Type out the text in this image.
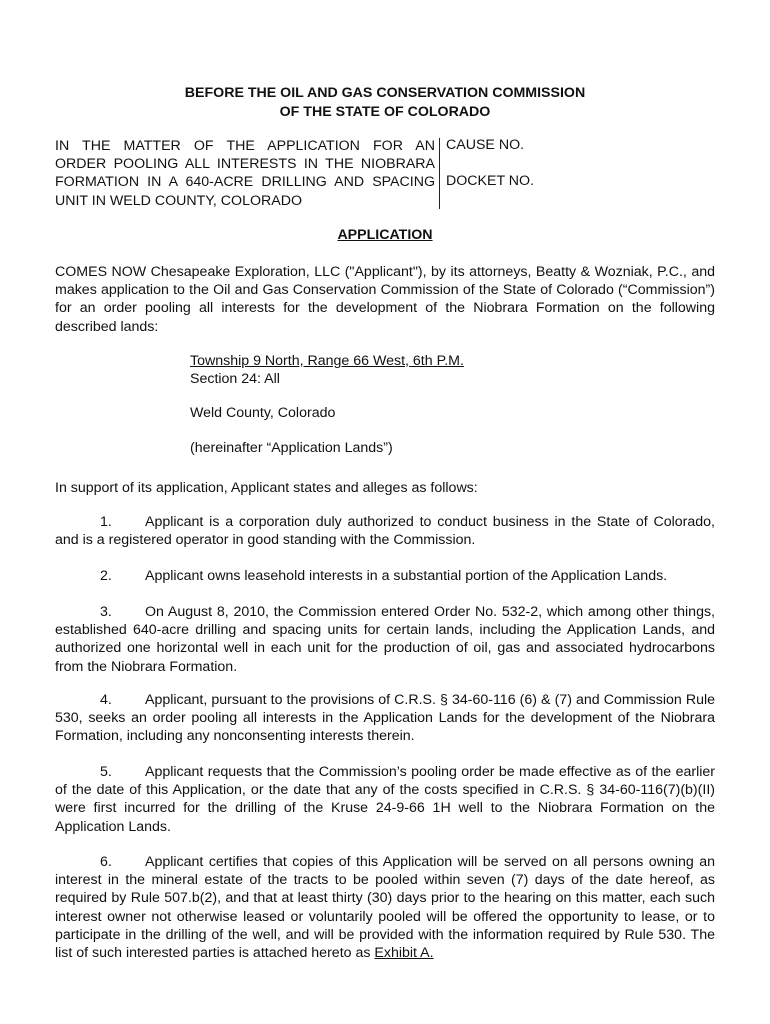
BEFORE THE OIL AND GAS CONSERVATION COMMISSION
OF THE STATE OF COLORADO
IN THE MATTER OF THE APPLICATION FOR AN
ORDER POOLING ALL INTERESTS IN THE NIOBRARA
FORMATION IN A 640-ACRE DRILLING AND SPACING
UNIT IN WELD COUNTY, COLORADO
CAUSE NO.
DOCKET NO.
APPLICATION
COMES NOW Chesapeake Exploration, LLC ("Applicant"), by its attorneys, Beatty & Wozniak, P.C., and makes application to the Oil and Gas Conservation Commission of the State of Colorado (“Commission”) for an order pooling all interests for the development of the Niobrara Formation on the following described lands:
Township 9 North, Range 66 West, 6th P.M.
Section 24: All
Weld County, Colorado
(hereinafter “Application Lands”)
In support of its application, Applicant states and alleges as follows:
1. Applicant is a corporation duly authorized to conduct business in the State of Colorado, and is a registered operator in good standing with the Commission.
2. Applicant owns leasehold interests in a substantial portion of the Application Lands.
3. On August 8, 2010, the Commission entered Order No. 532-2, which among other things, established 640-acre drilling and spacing units for certain lands, including the Application Lands, and authorized one horizontal well in each unit for the production of oil, gas and associated hydrocarbons from the Niobrara Formation.
4. Applicant, pursuant to the provisions of C.R.S. § 34-60-116 (6) & (7) and Commission Rule 530, seeks an order pooling all interests in the Application Lands for the development of the Niobrara Formation, including any nonconsenting interests therein.
5. Applicant requests that the Commission’s pooling order be made effective as of the earlier of the date of this Application, or the date that any of the costs specified in C.R.S. § 34-60-116(7)(b)(II) were first incurred for the drilling of the Kruse 24-9-66 1H well to the Niobrara Formation on the Application Lands.
6. Applicant certifies that copies of this Application will be served on all persons owning an interest in the mineral estate of the tracts to be pooled within seven (7) days of the date hereof, as required by Rule 507.b(2), and that at least thirty (30) days prior to the hearing on this matter, each such interest owner not otherwise leased or voluntarily pooled will be offered the opportunity to lease, or to participate in the drilling of the well, and will be provided with the information required by Rule 530. The list of such interested parties is attached hereto as Exhibit A.
